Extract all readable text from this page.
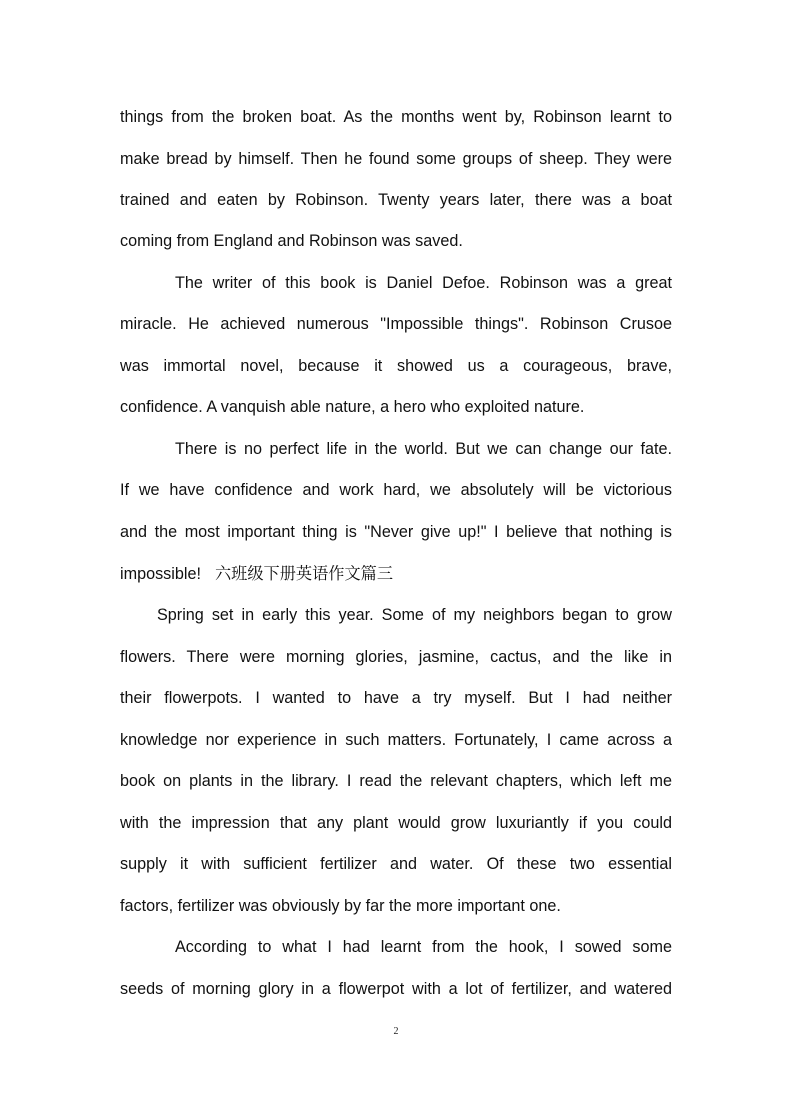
things from the broken boat. As the months went by, Robinson learnt to
make bread by himself. Then he found some groups of sheep. They were
trained and eaten by Robinson. Twenty years later, there was a boat
coming from England and Robinson was saved.
The writer of this book is Daniel Defoe. Robinson was a great
miracle. He achieved numerous "Impossible things". Robinson Crusoe
was immortal novel, because it showed us a courageous, brave,
confidence. A vanquish able nature, a hero who exploited nature.
There is no perfect life in the world. But we can change our fate.
If we have confidence and work hard, we absolutely will be victorious
and the most important thing is "Never give up!" I believe that nothing is
impossible! 六班级下册英语作文篇三
Spring set in early this year. Some of my neighbors began to grow
flowers. There were morning glories, jasmine, cactus, and the like in
their flowerpots. I wanted to have a try myself. But I had neither
knowledge nor experience in such matters. Fortunately, I came across a
book on plants in the library. I read the relevant chapters, which left me
with the impression that any plant would grow luxuriantly if you could
supply it with sufficient fertilizer and water. Of these two essential
factors, fertilizer was obviously by far the more important one.
According to what I had learnt from the hook, I sowed some
seeds of morning glory in a flowerpot with a lot of fertilizer, and watered
2
